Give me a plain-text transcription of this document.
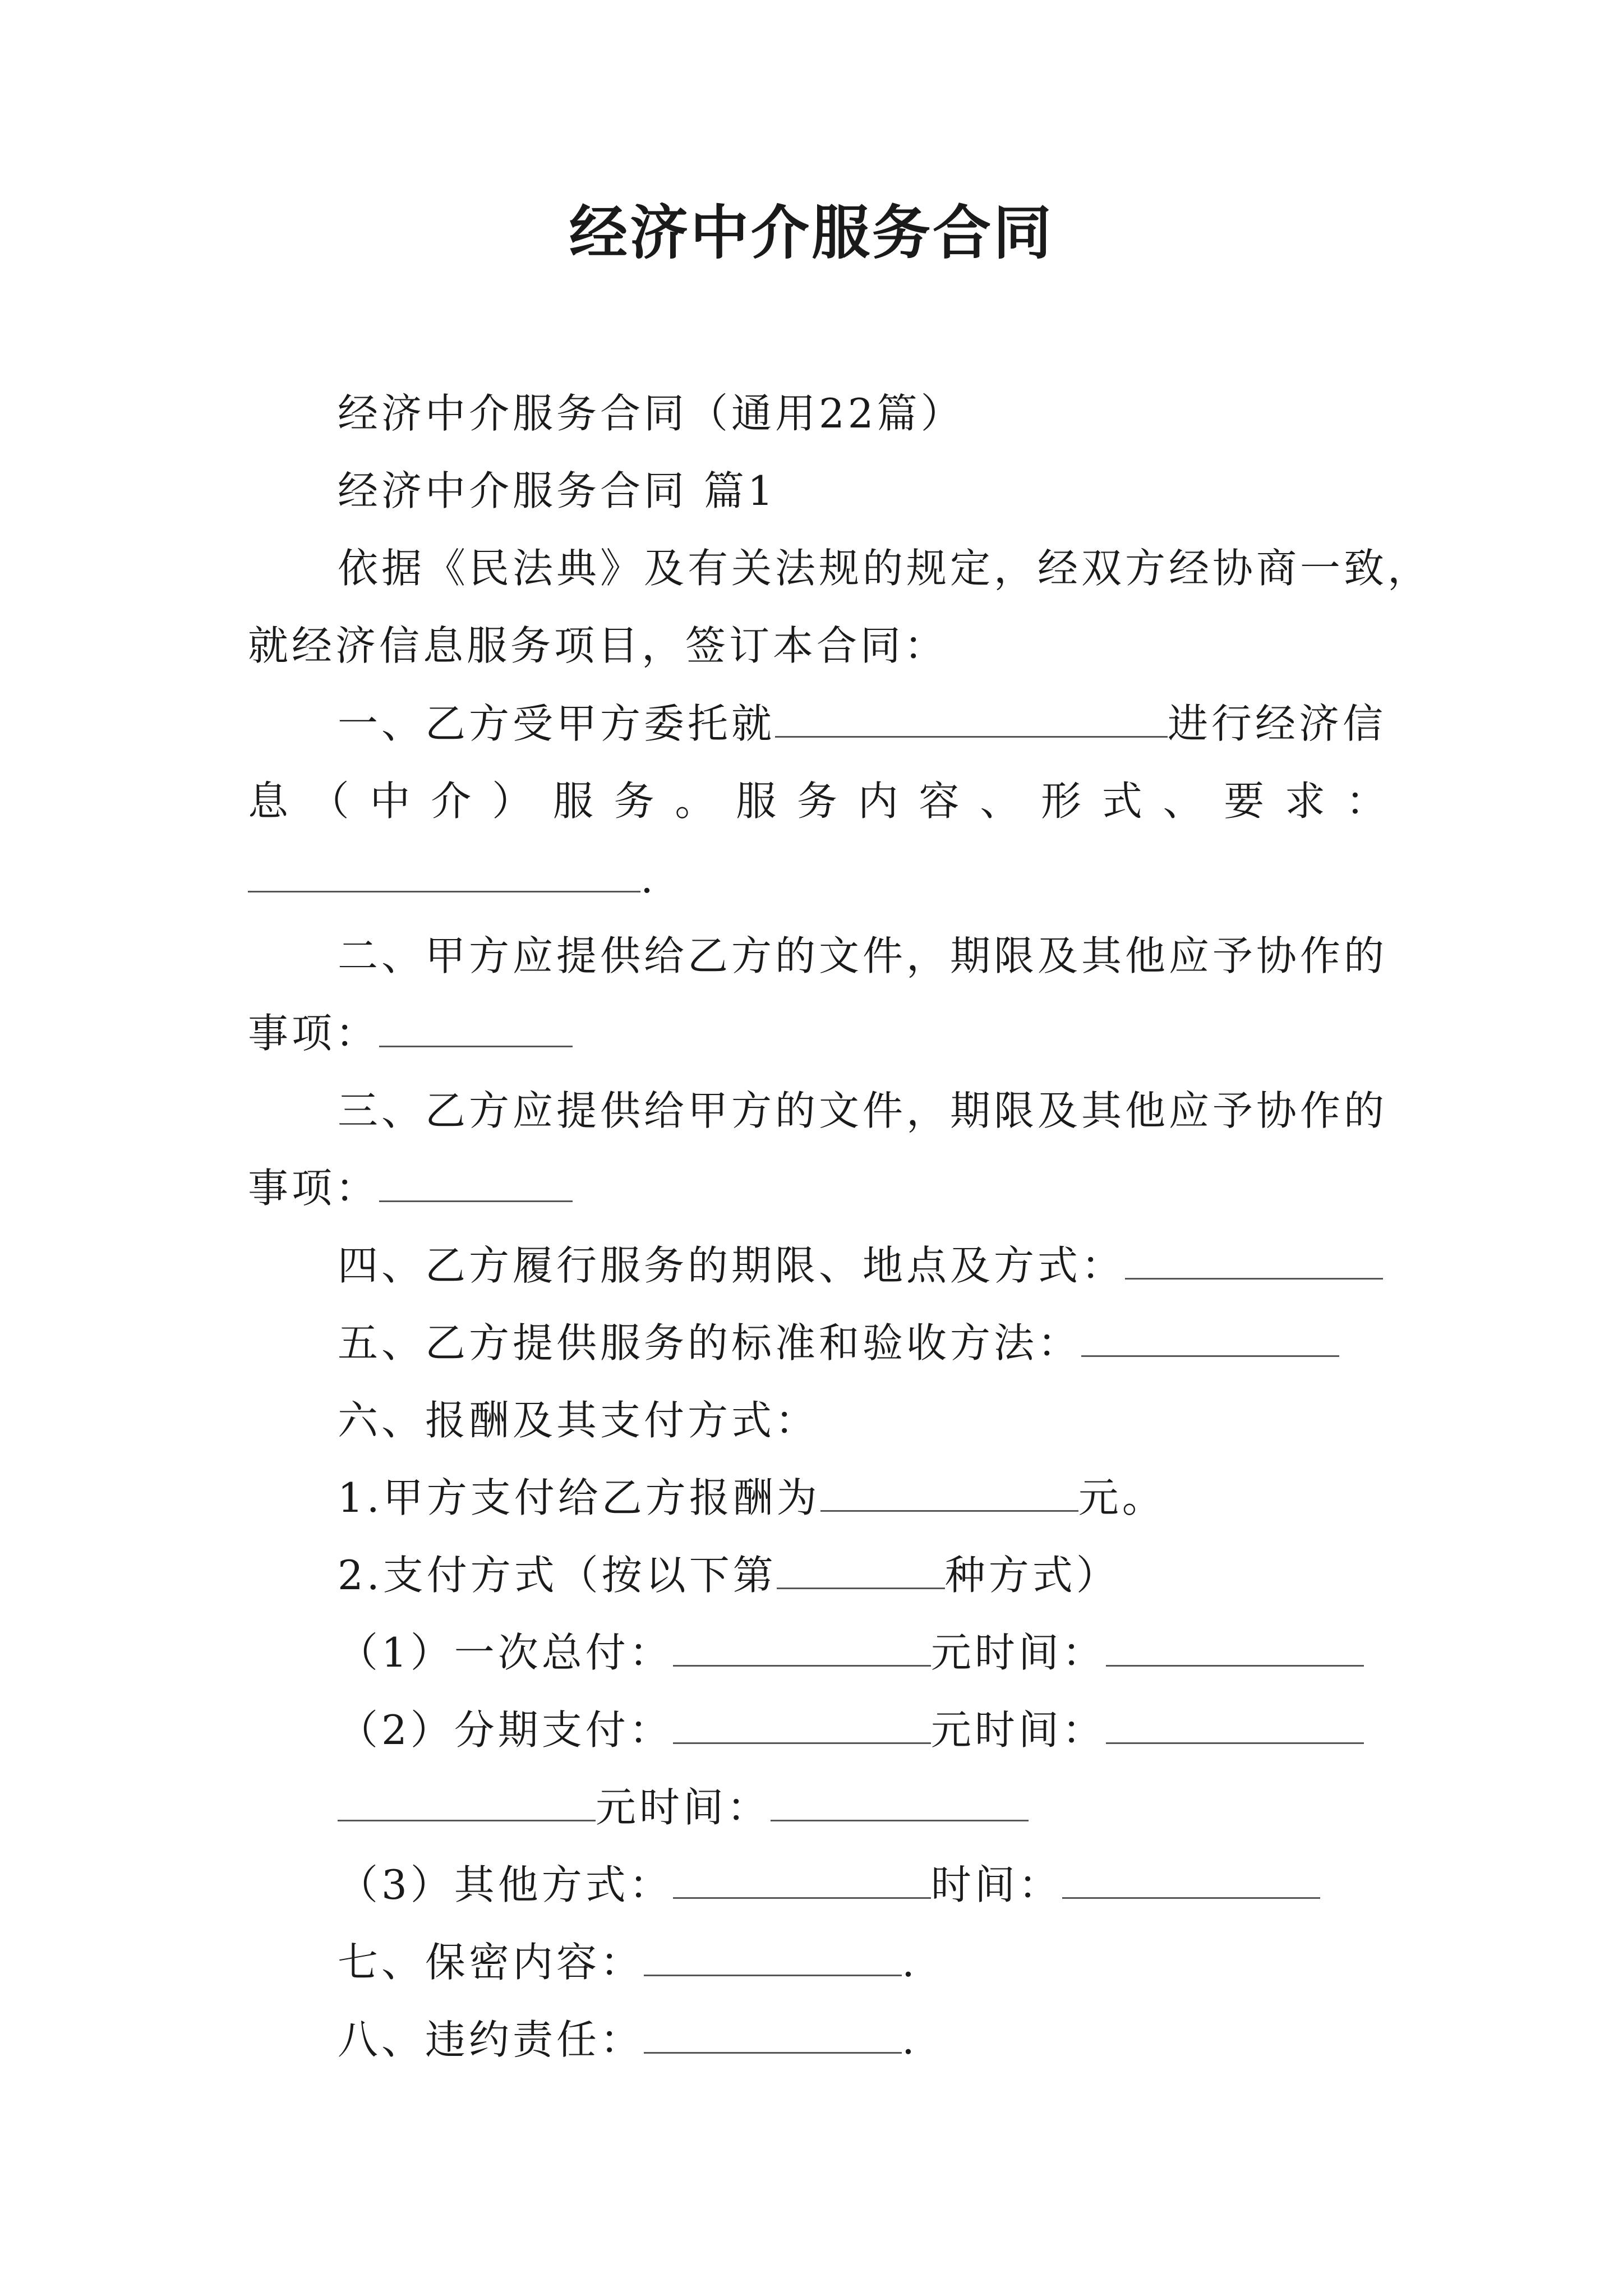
经济中介服务合同
经济中介服务合同（通用22篇）
经济中介服务合同 篇1
依据《民法典》及有关法规的规定，经双方经协商一致，
就经济信息服务项目，签订本合同：
一、乙方受甲方委托就	进行经济信
息 （ 中 介 ） 服 务 。 服 务 内 容 、 形 式 、 要 求 ：
.
二、甲方应提供给乙方的文件，期限及其他应予协作的
事项：
三、乙方应提供给甲方的文件，期限及其他应予协作的
事项：
四、乙方履行服务的期限、地点及方式：
五、乙方提供服务的标准和验收方法：
六、报酬及其支付方式：
1.甲方支付给乙方报酬为	元。
2.支付方式（按以下第	种方式）
（1）一次总付：	元时间：
（2）分期支付：	元时间：
元时间：
（3）其他方式：	时间：
七、保密内容：	.
八、违约责任：	.
